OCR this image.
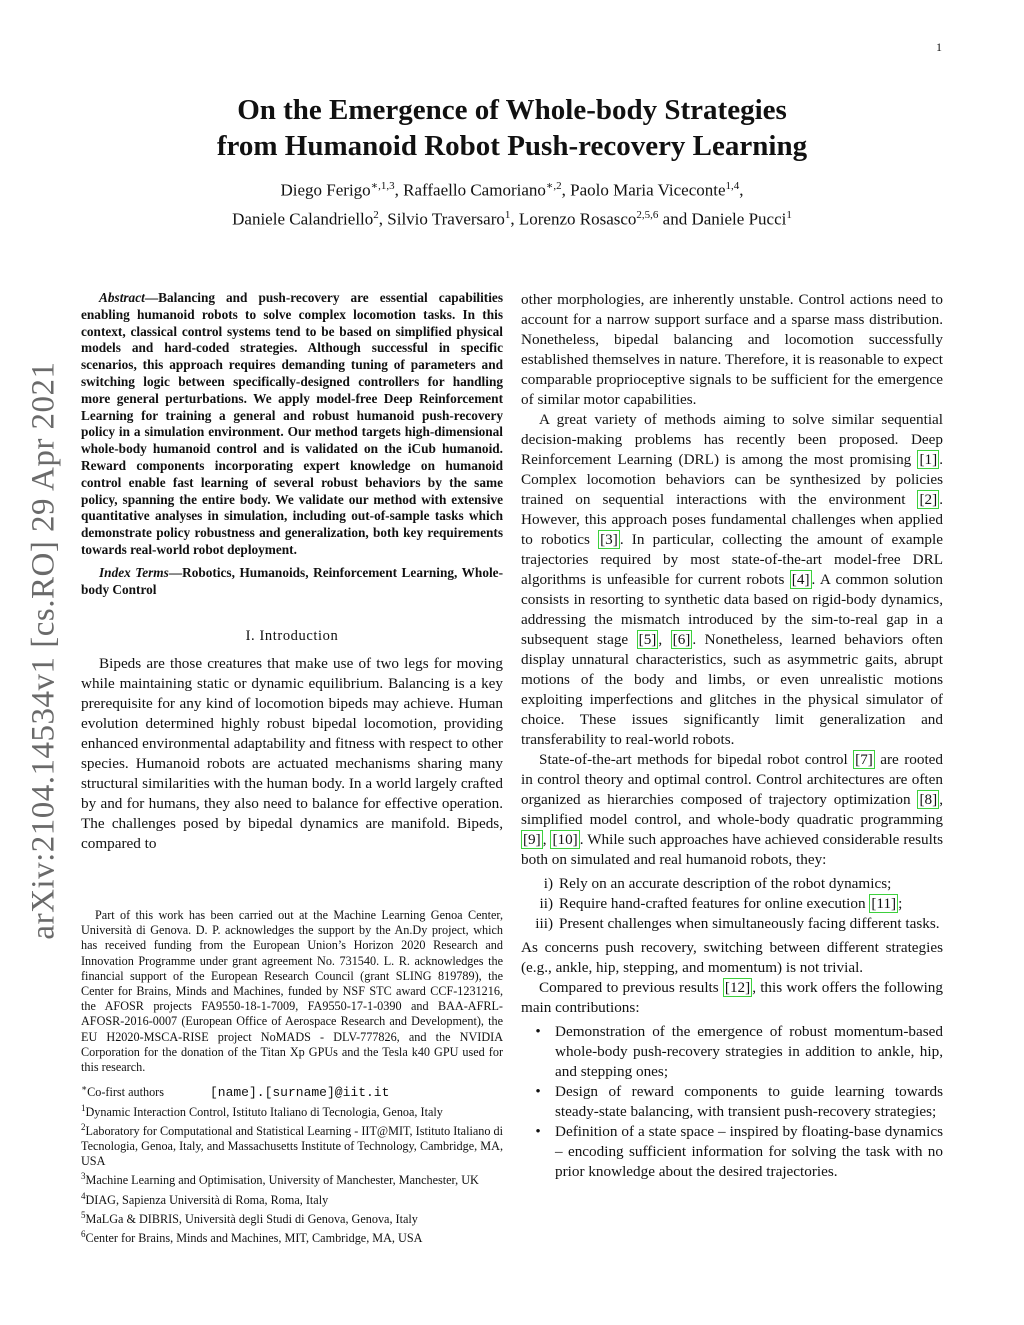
1
arXiv:2104.14534v1 [cs.RO] 29 Apr 2021
On the Emergence of Whole-body Strategies
from Humanoid Robot Push-recovery Learning
Diego Ferigo$^{∗,1,3}$, Raffaello Camoriano$^{∗,2}$, Paolo Maria Viceconte$^{1,4}$,
Daniele Calandriello$^2$, Silvio Traversaro$^1$, Lorenzo Rosasco$^{2,5,6}$ and Daniele Pucci$^1$

Abstract—Balancing and push-recovery are essential capabilities enabling humanoid robots to solve complex locomotion tasks. In this context, classical control systems tend to be based on simplified physical models and hard-coded strategies. Although successful in specific scenarios, this approach requires demanding tuning of parameters and switching logic between specifically-designed controllers for handling more general perturbations. We apply model-free Deep Reinforcement Learning for training a general and robust humanoid push-recovery policy in a simulation environment. Our method targets high-dimensional whole-body humanoid control and is validated on the iCub humanoid. Reward components incorporating expert knowledge on humanoid control enable fast learning of several robust behaviors by the same policy, spanning the entire body. We validate our method with extensive quantitative analyses in simulation, including out-of-sample tasks which demonstrate policy robustness and generalization, both key requirements towards real-world robot deployment.

Index Terms—Robotics, Humanoids, Reinforcement Learning, Whole-body Control

I. Introduction

Bipeds are those creatures that make use of two legs for moving while maintaining static or dynamic equilibrium. Balancing is a key prerequisite for any kind of locomotion bipeds may achieve. Human evolution determined highly robust bipedal locomotion, providing enhanced environmental adaptability and fitness with respect to other species. Humanoid robots are actuated mechanisms sharing many structural similarities with the human body. In a world largely crafted by and for humans, they also need to balance for effective operation. The challenges posed by bipedal dynamics are manifold. Bipeds, compared to

Part of this work has been carried out at the Machine Learning Genoa Center, Università di Genova. D. P. acknowledges the support by the An.Dy project, which has received funding from the European Union’s Horizon 2020 Research and Innovation Programme under grant agreement No. 731540. L. R. acknowledges the financial support of the European Research Council (grant SLING 819789), the Center for Brains, Minds and Machines, funded by NSF STC award CCF-1231216, the AFOSR projects FA9550-18-1-7009, FA9550-17-1-0390 and BAA-AFRL-AFOSR-2016-0007 (European Office of Aerospace Research and Development), the EU H2020-MSCA-RISE project NoMADS - DLV-777826, and the NVIDIA Corporation for the donation of the Titan Xp GPUs and the Tesla k40 GPU used for this research.

∗Co-first authors	[name].[surname]@iit.it
$^1$Dynamic Interaction Control, Istituto Italiano di Tecnologia, Genoa, Italy
$^2$Laboratory for Computational and Statistical Learning - IIT@MIT, Istituto Italiano di Tecnologia, Genoa, Italy, and Massachusetts Institute of Technology, Cambridge, MA, USA
$^3$Machine Learning and Optimisation, University of Manchester, Manchester, UK
$^4$DIAG, Sapienza Università di Roma, Roma, Italy
$^5$MaLGa & DIBRIS, Università degli Studi di Genova, Genova, Italy
$^6$Center for Brains, Minds and Machines, MIT, Cambridge, MA, USA

other morphologies, are inherently unstable. Control actions need to account for a narrow support surface and a sparse mass distribution. Nonetheless, bipedal balancing and locomotion successfully established themselves in nature. Therefore, it is reasonable to expect comparable proprioceptive signals to be sufficient for the emergence of similar motor capabilities.

A great variety of methods aiming to solve similar sequential decision-making problems has recently been proposed. Deep Reinforcement Learning (DRL) is among the most promising [1] . Complex locomotion behaviors can be synthesized by policies trained on sequential interactions with the environment [2] . However, this approach poses fundamental challenges when applied to robotics [3] . In particular, collecting the amount of example trajectories required by most state-of-the-art model-free DRL algorithms is unfeasible for current robots [4] . A common solution consists in resorting to synthetic data based on rigid-body dynamics, addressing the mismatch introduced by the sim-to-real gap in a subsequent stage [5] , [6] . Nonetheless, learned behaviors often display unnatural characteristics, such as asymmetric gaits, abrupt motions of the body and limbs, or even unrealistic motions exploiting imperfections and glitches in the physical simulator of choice. These issues significantly limit generalization and transferability to real-world robots.

State-of-the-art methods for bipedal robot control [7] are rooted in control theory and optimal control. Control architectures are often organized as hierarchies composed of trajectory optimization [8] , simplified model control, and whole-body quadratic programming [9] , [10] . While such approaches have achieved considerable results both on simulated and real humanoid robots, they:

i) Rely on an accurate description of the robot dynamics;
ii) Require hand-crafted features for online execution [11] ;
iii) Present challenges when simultaneously facing different tasks.

As concerns push recovery, switching between different strategies (e.g., ankle, hip, stepping, and momentum) is not trivial.

Compared to previous results [12] , this work offers the following main contributions:

• Demonstration of the emergence of robust momentum-based whole-body push-recovery strategies in addition to ankle, hip, and stepping ones;
• Design of reward components to guide learning towards steady-state balancing, with transient push-recovery strategies;
• Definition of a state space – inspired by floating-base dynamics – encoding sufficient information for solving the task with no prior knowledge about the desired trajectories.
